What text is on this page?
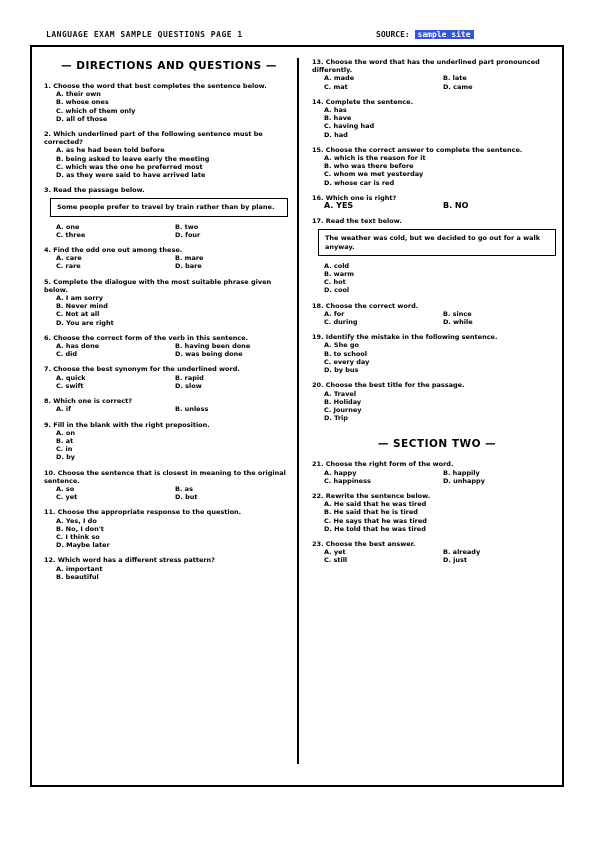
LANGUAGE EXAM SAMPLE QUESTIONS PAGE 1	SOURCE: sample site
— DIRECTIONS AND QUESTIONS —
1. Choose the word that best completes the sentence below.
A. their own
B. whose ones
C. which of them only
D. all of those
2. Which underlined part of the following sentence must be corrected?
A. as he had been told before
B. being asked to leave early the meeting
C. which was the one he preferred most
D. as they were said to have arrived late
3. Read the passage below.
Some people prefer to travel by train rather than by plane.
A. one	B. two
C. three	D. four
4. Find the odd one out among these.
A. care	B. mare
C. rare	D. bare
5. Complete the dialogue with the most suitable phrase given below.
A. I am sorry
B. Never mind
C. Not at all
D. You are right
6. Choose the correct form of the verb in this sentence.
A. has done	B. having been done
C. did	D. was being done
7. Choose the best synonym for the underlined word.
A. quick	B. rapid
C. swift	D. slow
8. Which one is correct?
A. if	B. unless
9. Fill in the blank with the right preposition.
A. on
B. at
C. in
D. by
10. Choose the sentence that is closest in meaning to the original sentence.
A. so	B. as
C. yet	D. but
11. Choose the appropriate response to the question.
A. Yes, I do
B. No, I don't
C. I think so
D. Maybe later
12. Which word has a different stress pattern?
A. important
B. beautiful
13. Choose the word that has the underlined part pronounced differently.
A. made	B. late
C. mat	D. came
14. Complete the sentence.
A. has
B. have
C. having had
D. had
15. Choose the correct answer to complete the sentence.
A. which is the reason for it
B. who was there before
C. whom we met yesterday
D. whose car is red
16. Which one is right?
A. YES	B. NO
17. Read the text below.
The weather was cold, but we decided to go out for a walk anyway.
A. cold
B. warm
C. hot
D. cool
18. Choose the correct word.
A. for	B. since
C. during	D. while
19. Identify the mistake in the following sentence.
A. She go
B. to school
C. every day
D. by bus
20. Choose the best title for the passage.
A. Travel
B. Holiday
C. Journey
D. Trip
— SECTION TWO —
21. Choose the right form of the word.
A. happy	B. happily
C. happiness	D. unhappy
22. Rewrite the sentence below.
A. He said that he was tired
B. He said that he is tired
C. He says that he was tired
D. He told that he was tired
23. Choose the best answer.
A. yet	B. already
C. still	D. just
